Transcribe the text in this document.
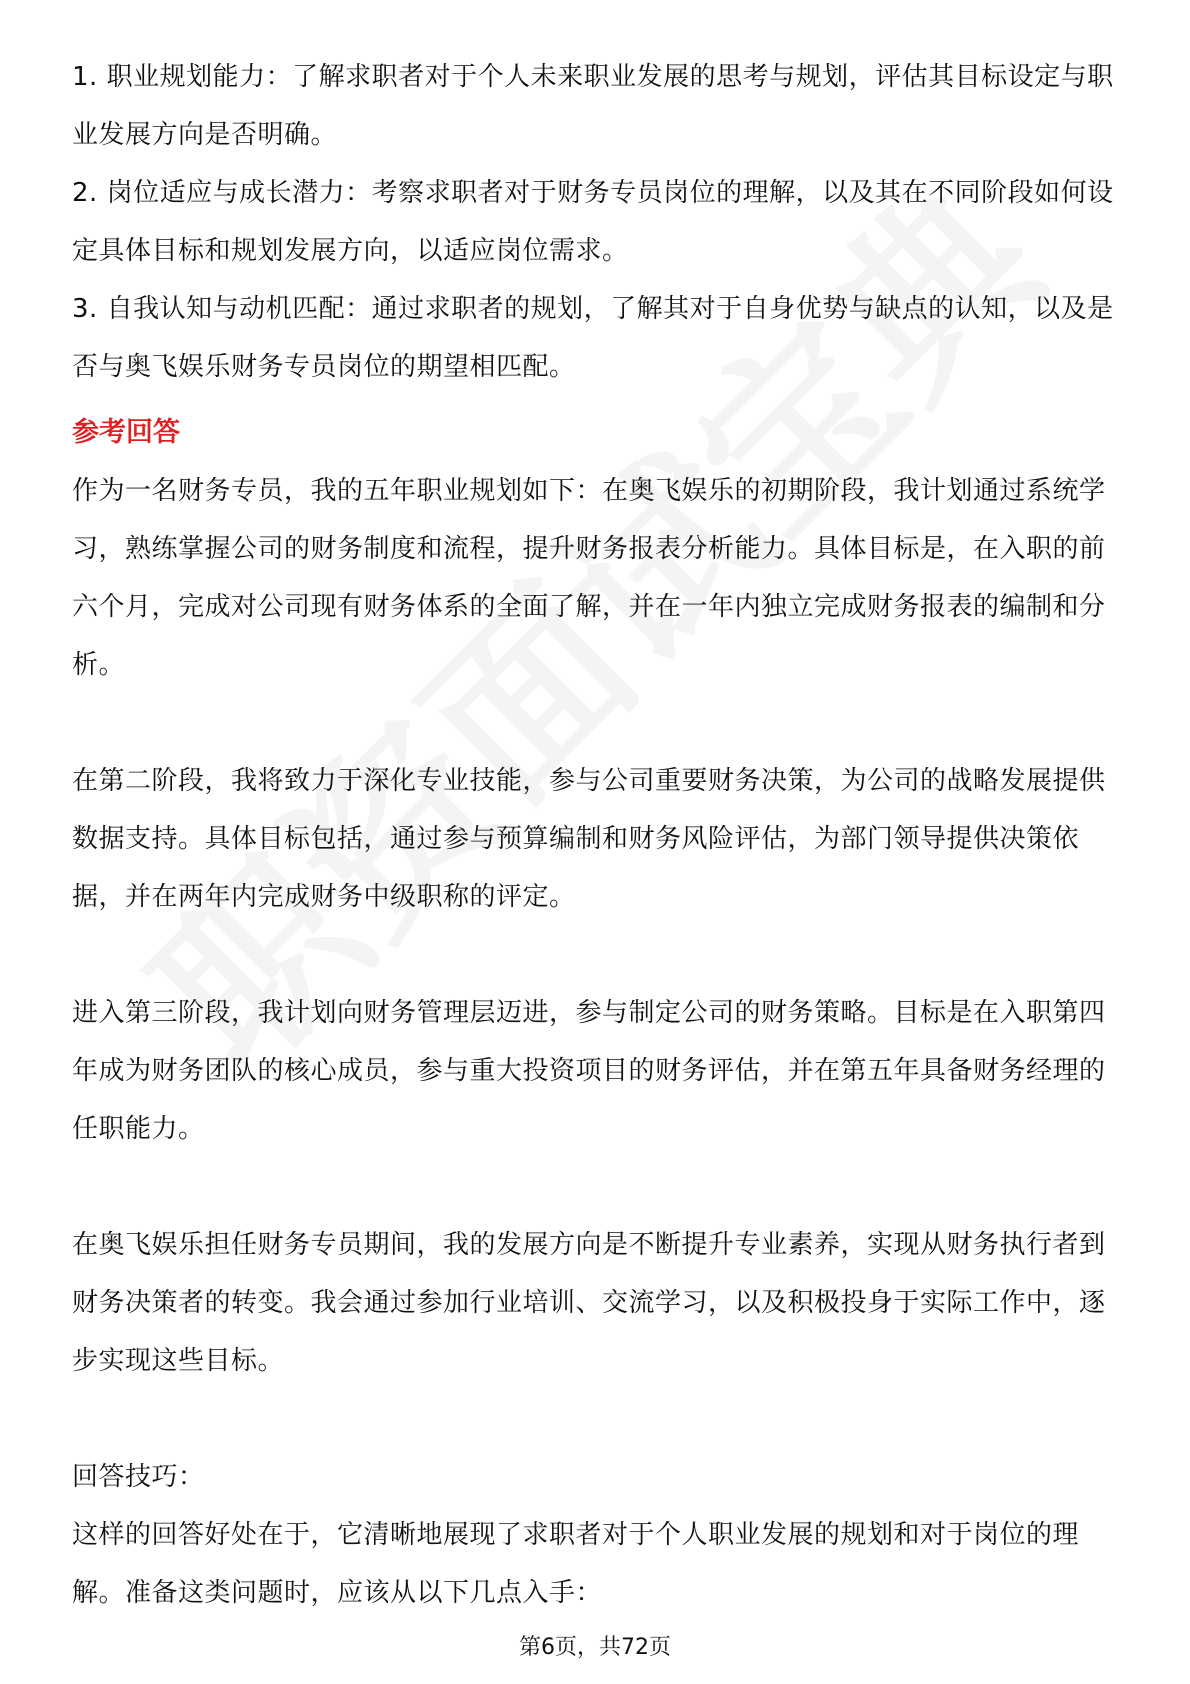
1. 职业规划能力：了解求职者对于个人未来职业发展的思考与规划，评估其目标设定与职业发展方向是否明确。

2. 岗位适应与成长潜力：考察求职者对于财务专员岗位的理解，以及其在不同阶段如何设定具体目标和规划发展方向，以适应岗位需求。

3. 自我认知与动机匹配：通过求职者的规划，了解其对于自身优势与缺点的认知，以及是否与奥飞娱乐财务专员岗位的期望相匹配。

参考回答

作为一名财务专员，我的五年职业规划如下：在奥飞娱乐的初期阶段，我计划通过系统学习，熟练掌握公司的财务制度和流程，提升财务报表分析能力。具体目标是，在入职的前六个月，完成对公司现有财务体系的全面了解，并在一年内独立完成财务报表的编制和分析。

在第二阶段，我将致力于深化专业技能，参与公司重要财务决策，为公司的战略发展提供数据支持。具体目标包括，通过参与预算编制和财务风险评估，为部门领导提供决策依据，并在两年内完成财务中级职称的评定。

进入第三阶段，我计划向财务管理层迈进，参与制定公司的财务策略。目标是在入职第四年成为财务团队的核心成员，参与重大投资项目的财务评估，并在第五年具备财务经理的任职能力。

在奥飞娱乐担任财务专员期间，我的发展方向是不断提升专业素养，实现从财务执行者到财务决策者的转变。我会通过参加行业培训、交流学习，以及积极投身于实际工作中，逐步实现这些目标。

回答技巧：

这样的回答好处在于，它清晰地展现了求职者对于个人职业发展的规划和对于岗位的理解。准备这类问题时，应该从以下几点入手：

第6页，共72页
